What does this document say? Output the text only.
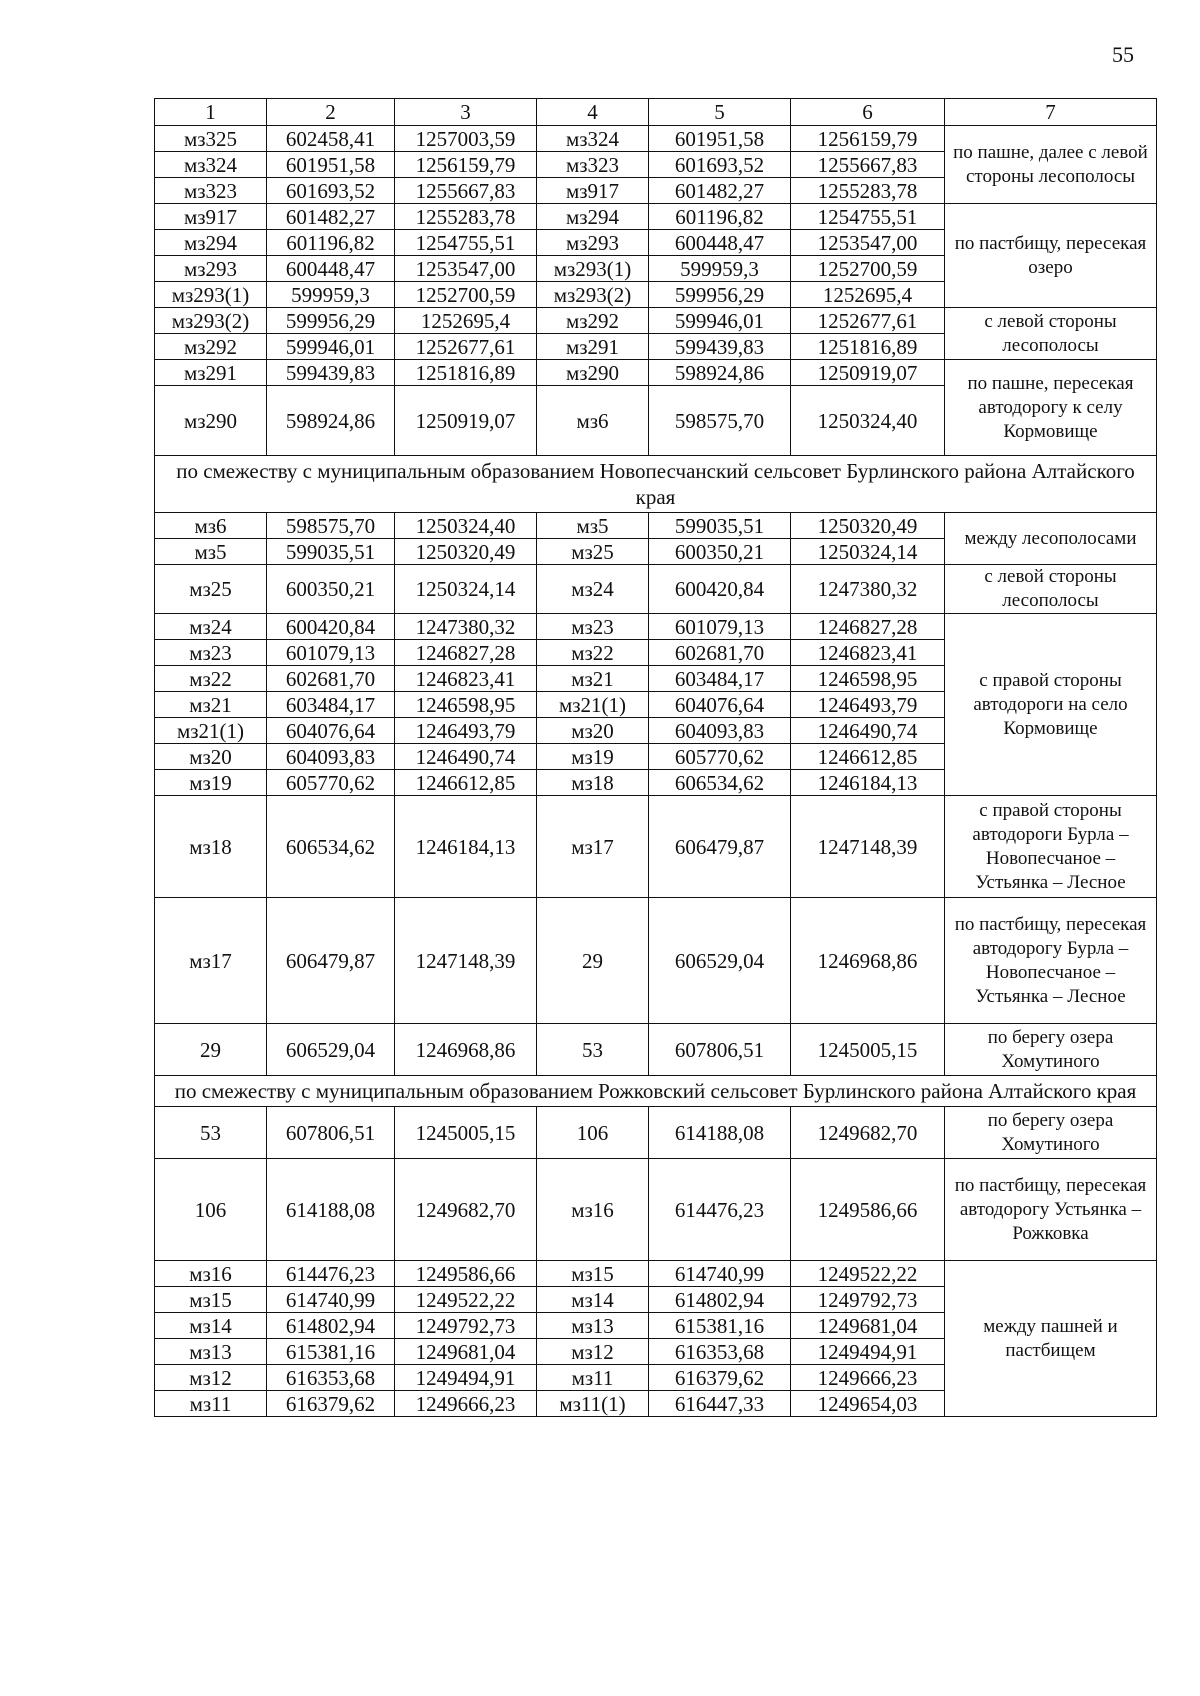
55
1	2	3	4	5	6	7
мз325	602458,41	1257003,59	мз324	601951,58	1256159,79	по пашне, далее с левой стороны лесополосы
мз324	601951,58	1256159,79	мз323	601693,52	1255667,83	
мз323	601693,52	1255667,83	мз917	601482,27	1255283,78	
мз917	601482,27	1255283,78	мз294	601196,82	1254755,51	по пастбищу, пересекая озеро
мз294	601196,82	1254755,51	мз293	600448,47	1253547,00	
мз293	600448,47	1253547,00	мз293(1)	599959,3	1252700,59	
мз293(1)	599959,3	1252700,59	мз293(2)	599956,29	1252695,4	
мз293(2)	599956,29	1252695,4	мз292	599946,01	1252677,61	с левой стороны лесополосы
мз292	599946,01	1252677,61	мз291	599439,83	1251816,89	
мз291	599439,83	1251816,89	мз290	598924,86	1250919,07	по пашне, пересекая автодорогу к селу Кормовище
мз290	598924,86	1250919,07	мз6	598575,70	1250324,40	
по смежеству с муниципальным образованием Новопесчанский сельсовет Бурлинского района Алтайского края						
мз6	598575,70	1250324,40	мз5	599035,51	1250320,49	между лесополосами
мз5	599035,51	1250320,49	мз25	600350,21	1250324,14	
мз25	600350,21	1250324,14	мз24	600420,84	1247380,32	с левой стороны лесополосы
мз24	600420,84	1247380,32	мз23	601079,13	1246827,28	с правой стороны автодороги на село Кормовище
мз23	601079,13	1246827,28	мз22	602681,70	1246823,41	
мз22	602681,70	1246823,41	мз21	603484,17	1246598,95	
мз21	603484,17	1246598,95	мз21(1)	604076,64	1246493,79	
мз21(1)	604076,64	1246493,79	мз20	604093,83	1246490,74	
мз20	604093,83	1246490,74	мз19	605770,62	1246612,85	
мз19	605770,62	1246612,85	мз18	606534,62	1246184,13	
мз18	606534,62	1246184,13	мз17	606479,87	1247148,39	с правой стороны автодороги Бурла – Новопесчаное – Устьянка – Лесное
мз17	606479,87	1247148,39	29	606529,04	1246968,86	по пастбищу, пересекая автодорогу Бурла – Новопесчаное – Устьянка – Лесное
29	606529,04	1246968,86	53	607806,51	1245005,15	по берегу озера Хомутиного
по смежеству с муниципальным образованием Рожковский сельсовет Бурлинского района Алтайского края						
53	607806,51	1245005,15	106	614188,08	1249682,70	по берегу озера Хомутиного
106	614188,08	1249682,70	мз16	614476,23	1249586,66	по пастбищу, пересекая автодорогу Устьянка – Рожковка
мз16	614476,23	1249586,66	мз15	614740,99	1249522,22	между пашней и пастбищем
мз15	614740,99	1249522,22	мз14	614802,94	1249792,73	
мз14	614802,94	1249792,73	мз13	615381,16	1249681,04	
мз13	615381,16	1249681,04	мз12	616353,68	1249494,91	
мз12	616353,68	1249494,91	мз11	616379,62	1249666,23	
мз11	616379,62	1249666,23	мз11(1)	616447,33	1249654,03	
